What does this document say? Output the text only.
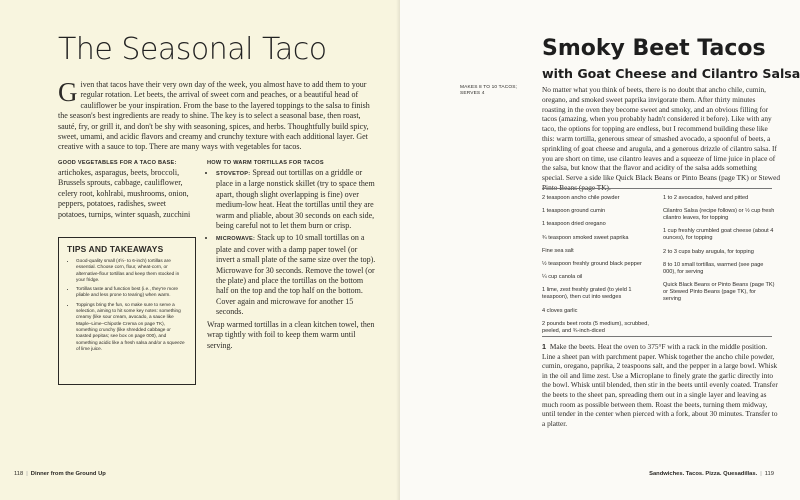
The Seasonal Taco

Given that tacos have their very own day of the week, you almost have to add them to your regular rotation. Let beets, the arrival of sweet corn and peaches, or a beautiful head of cauliflower be your inspiration. From the base to the layered toppings to the salsa to finish the season's best ingredients are ready to shine. The key is to select a seasonal base, then roast, sauté, fry, or grill it, and don't be shy with seasoning, spices, and herbs. Thoughtfully build spicy, sweet, umami, and acidic flavors and creamy and crunchy texture with each additional layer. Get creative with a sauce to top. There are many ways with vegetables for tacos.

GOOD VEGETABLES FOR A TACO BASE:

artichokes, asparagus, beets, broccoli, Brussels sprouts, cabbage, cauliflower, celery root, kohlrabi, mushrooms, onion, peppers, potatoes, radishes, sweet potatoes, turnips, winter squash, zucchini

TIPS AND TAKEAWAYS

• Good-quality small (4½- to 6-inch) tortillas are essential. Choose corn, flour, wheat-corn, or alternative-flour tortillas and keep them stocked in your fridge.
• Tortillas taste and function best (i.e., they're more pliable and less prone to tearing) when warm.
• Toppings bring the fun, so make sure to serve a selection, aiming to hit some key notes: something creamy (like sour cream, avocado, a sauce like Maple–Lime–Chipotle Crema on page TK), something crunchy (like shredded cabbage or toasted pepitas; see box on page 000), and something acidic like a fresh salsa and/or a squeeze of lime juice.

HOW TO WARM TORTILLAS FOR TACOS

• STOVETOP: Spread out tortillas on a griddle or place in a large nonstick skillet (try to space them apart, though slight overlapping is fine) over medium-low heat. Heat the tortillas until they are warm and pliable, about 30 seconds on each side, being careful not to let them burn or crisp.
• MICROWAVE: Stack up to 10 small tortillas on a plate and cover with a damp paper towel (or invert a small plate of the same size over the top). Microwave for 30 seconds. Remove the towel (or the plate) and place the tortillas on the bottom half on the top and the top half on the bottom. Cover again and microwave for another 15 seconds.

Wrap warmed tortillas in a clean kitchen towel, then wrap tightly with foil to keep them warm until serving.

118 | Dinner from the Ground Up
Smoky Beet Tacos
with Goat Cheese and Cilantro Salsa

MAKES 8 TO 10 TACOS; SERVES 4	No matter what you think of beets, there is no doubt that ancho chile, cumin, oregano, and smoked sweet paprika invigorate them. After thirty minutes roasting in the oven they become sweet and smoky, and an obvious filling for tacos (amazing, when you probably hadn't considered it before). Like with any taco, the options for topping are endless, but I recommend building these like this: warm tortilla, generous smear of smashed avocado, a spoonful of beets, a sprinkling of goat cheese and arugula, and a generous drizzle of cilantro salsa. If you are short on time, use cilantro leaves and a squeeze of lime juice in place of the salsa, but know that the flavor and acidity of the salsa adds something special. Serve a side like Quick Black Beans or Pinto Beans (page TK) or Stewed Pinto Beans (page TK).

2 teaspoon ancho chile powder

1 teaspoon ground cumin

1 teaspoon dried oregano

¾ teaspoon smoked sweet paprika

Fine sea salt

½ teaspoon freshly ground black pepper

¼ cup canola oil

1 lime, zest freshly grated (to yield 1 teaspoon), then cut into wedges

4 cloves garlic

2 pounds beet roots (5 medium), scrubbed, peeled, and ¾-inch-diced

1 to 2 avocados, halved and pitted

Cilantro Salsa (recipe follows) or ½ cup fresh cilantro leaves, for topping

1 cup freshly crumbled goat cheese (about 4 ounces), for topping

2 to 3 cups baby arugula, for topping

8 to 10 small tortillas, warmed (see page 000), for serving

Quick Black Beans or Pinto Beans (page TK) or Stewed Pinto Beans (page TK), for serving

1 Make the beets. Heat the oven to 375°F with a rack in the middle position. Line a sheet pan with parchment paper. Whisk together the ancho chile powder, cumin, oregano, paprika, 2 teaspoons salt, and the pepper in a large bowl. Whisk in the oil and lime zest. Use a Microplane to finely grate the garlic directly into the bowl. Whisk until blended, then stir in the beets until evenly coated. Transfer the beets to the sheet pan, spreading them out in a single layer and leaving as much room as possible between them. Roast the beets, turning them midway, until tender in the center when pierced with a fork, about 30 minutes. Transfer to a platter.

Sandwiches. Tacos. Pizza. Quesadillas. | 119
